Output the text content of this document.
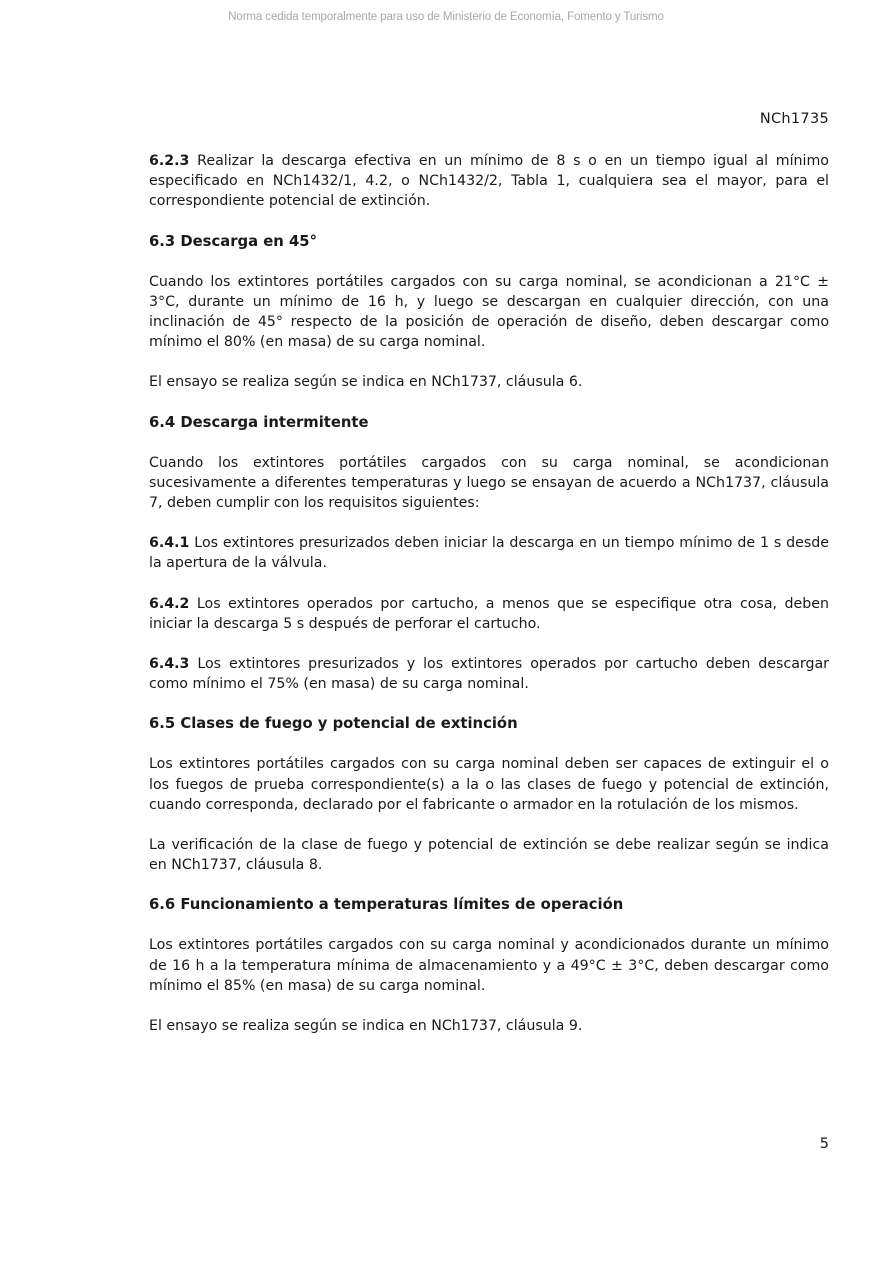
Norma cedida temporalmente para uso de Ministerio de Economía, Fomento y Turismo
NCh1735

6.2.3 Realizar la descarga efectiva en un mínimo de 8 s o en un tiempo igual al mínimo especificado en NCh1432/1, 4.2, o NCh1432/2, Tabla 1, cualquiera sea el mayor, para el correspondiente potencial de extinción.

6.3 Descarga en 45°

Cuando los extintores portátiles cargados con su carga nominal, se acondicionan a 21°C ± 3°C, durante un mínimo de 16 h, y luego se descargan en cualquier dirección, con una inclinación de 45° respecto de la posición de operación de diseño, deben descargar como mínimo el 80% (en masa) de su carga nominal.

El ensayo se realiza según se indica en NCh1737, cláusula 6.

6.4 Descarga intermitente

Cuando los extintores portátiles cargados con su carga nominal, se acondicionan sucesivamente a diferentes temperaturas y luego se ensayan de acuerdo a NCh1737, cláusula 7, deben cumplir con los requisitos siguientes:

6.4.1 Los extintores presurizados deben iniciar la descarga en un tiempo mínimo de 1 s desde la apertura de la válvula.

6.4.2 Los extintores operados por cartucho, a menos que se especifique otra cosa, deben iniciar la descarga 5 s después de perforar el cartucho.

6.4.3 Los extintores presurizados y los extintores operados por cartucho deben descargar como mínimo el 75% (en masa) de su carga nominal.

6.5 Clases de fuego y potencial de extinción

Los extintores portátiles cargados con su carga nominal deben ser capaces de extinguir el o los fuegos de prueba correspondiente(s) a la o las clases de fuego y potencial de extinción, cuando corresponda, declarado por el fabricante o armador en la rotulación de los mismos.

La verificación de la clase de fuego y potencial de extinción se debe realizar según se indica en NCh1737, cláusula 8.

6.6 Funcionamiento a temperaturas límites de operación

Los extintores portátiles cargados con su carga nominal y acondicionados durante un mínimo de 16 h a la temperatura mínima de almacenamiento y a 49°C ± 3°C, deben descargar como mínimo el 85% (en masa) de su carga nominal.

El ensayo se realiza según se indica en NCh1737, cláusula 9.

5
